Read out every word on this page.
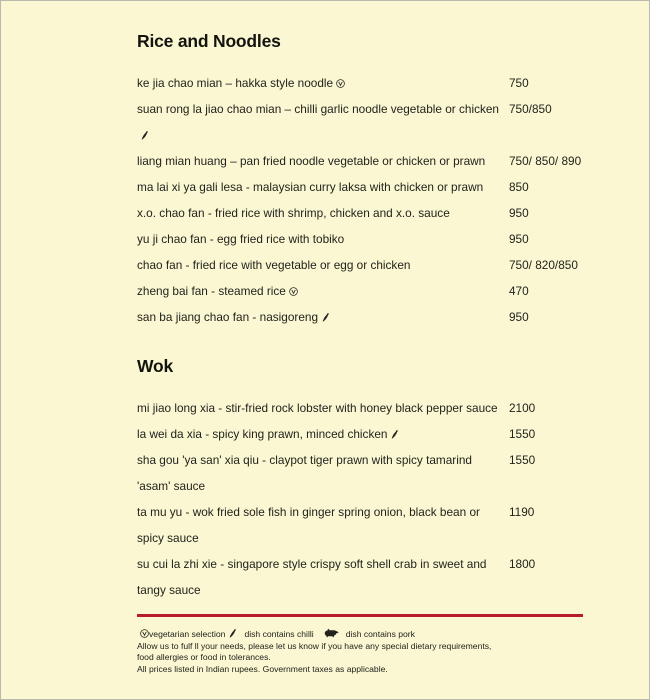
Rice and Noodles
ke jia chao mian – hakka style noodle	750
suan rong la jiao chao mian – chilli garlic noodle vegetable or chicken 750/850
liang mian huang – pan fried noodle vegetable or chicken or prawn	750/ 850/ 890
ma lai xi ya gali lesa - malaysian curry laksa with chicken or prawn	850
x.o. chao fan - fried rice with shrimp, chicken and x.o. sauce	950
yu ji chao fan - egg fried rice with tobiko	950
chao fan - fried rice with vegetable or egg or chicken	750/ 820/850
zheng bai fan - steamed rice	470
san ba jiang chao fan - nasigoreng	950
Wok
mi jiao long xia - stir-fried rock lobster with honey black pepper sauce 2100
la wei da xia - spicy king prawn, minced chicken	1550
sha gou 'ya san' xia qiu - claypot tiger prawn with spicy tamarind 'asam' sauce
1550
ta mu yu - wok fried sole fish in ginger spring onion, black bean or spicy sauce
1190
su cui la zhi xie - singapore style crispy soft shell crab in sweet and tangy sauce
1800
vegetarian selection dish contains chilli	dish contains pork

Allow us to fulf ll your needs, please let us know if you have any special dietary requirements,
food allergies or food in tolerances.
All prices listed in Indian rupees. Government taxes as applicable.
